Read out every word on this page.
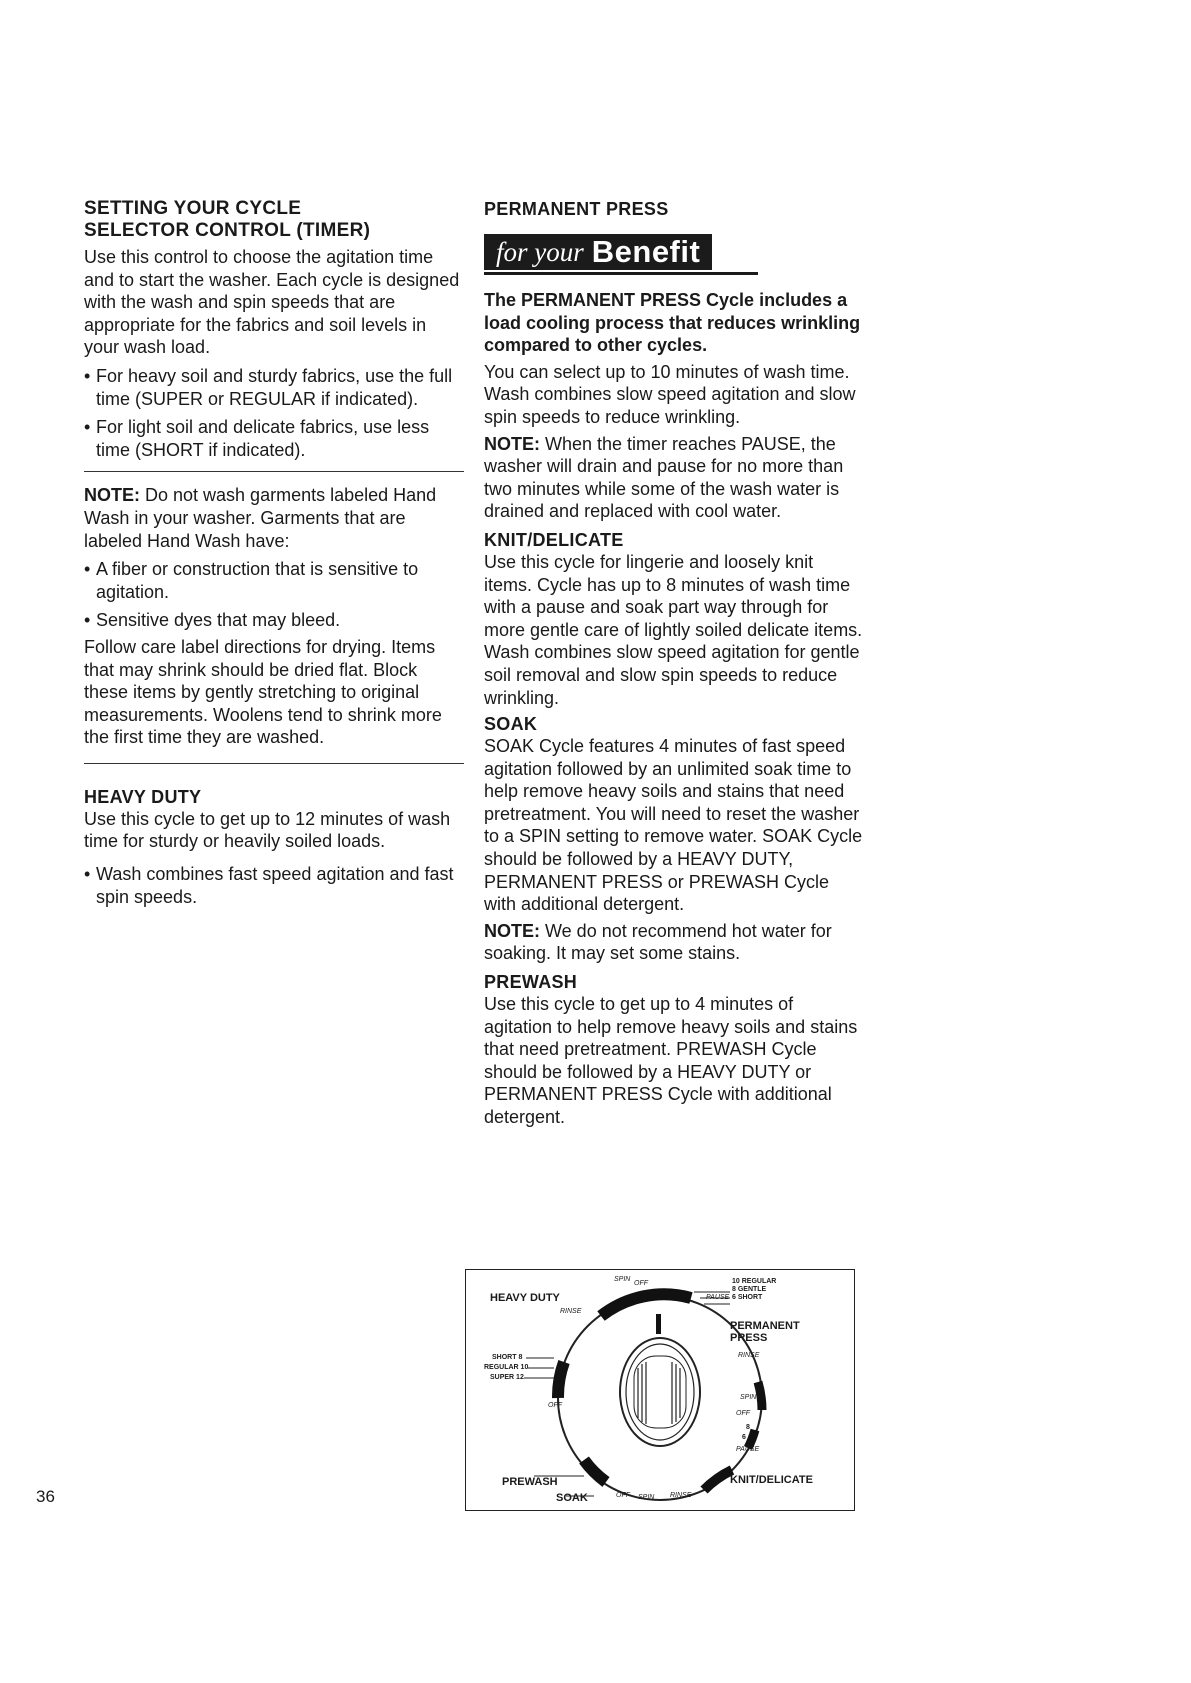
SETTING YOUR CYCLE
SELECTOR CONTROL (TIMER)

Use this control to choose the agitation time and to start the washer. Each cycle is designed with the wash and spin speeds that are appropriate for the fabrics and soil levels in your wash load.

• For heavy soil and sturdy fabrics, use the full time (SUPER or REGULAR if indicated).
• For light soil and delicate fabrics, use less time (SHORT if indicated).

NOTE: Do not wash garments labeled Hand Wash in your washer. Garments that are labeled Hand Wash have:

• A fiber or construction that is sensitive to agitation.
• Sensitive dyes that may bleed.

Follow care label directions for drying. Items that may shrink should be dried flat. Block these items by gently stretching to original measurements. Woolens tend to shrink more the first time they are washed.

HEAVY DUTY

Use this cycle to get up to 12 minutes of wash time for sturdy or heavily soiled loads.

• Wash combines fast speed agitation and fast spin speeds.
PERMANENT PRESS
for your Benefit

The PERMANENT PRESS Cycle includes a load cooling process that reduces wrinkling compared to other cycles.

You can select up to 10 minutes of wash time. Wash combines slow speed agitation and slow spin speeds to reduce wrinkling.

NOTE: When the timer reaches PAUSE, the washer will drain and pause for no more than two minutes while some of the wash water is drained and replaced with cool water.

KNIT/DELICATE

Use this cycle for lingerie and loosely knit items. Cycle has up to 8 minutes of wash time with a pause and soak part way through for more gentle care of lightly soiled delicate items. Wash combines slow speed agitation for gentle soil removal and slow spin speeds to reduce wrinkling.

SOAK

SOAK Cycle features 4 minutes of fast speed agitation followed by an unlimited soak time to help remove heavy soils and stains that need pretreatment. You will need to reset the washer to a SPIN setting to remove water. SOAK Cycle should be followed by a HEAVY DUTY, PERMANENT PRESS or PREWASH Cycle with additional detergent.

NOTE: We do not recommend hot water for soaking. It may set some stains.

PREWASH

Use this cycle to get up to 4 minutes of agitation to help remove heavy soils and stains that need pretreatment. PREWASH Cycle should be followed by a HEAVY DUTY or PERMANENT PRESS Cycle with additional detergent.

HEAVY DUTY
PERMANENT PRESS
KNIT/DELICATE
PREWASH
SOAK
10 REGULAR
8 GENTLE
6 SHORT
SHORT 8
REGULAR 10
SUPER 12
SPIN
OFF
RINSE
PAUSE
RINSE
SPIN
OFF
8
6
PAUSE
OFF
OFF SPIN RINSE
36
